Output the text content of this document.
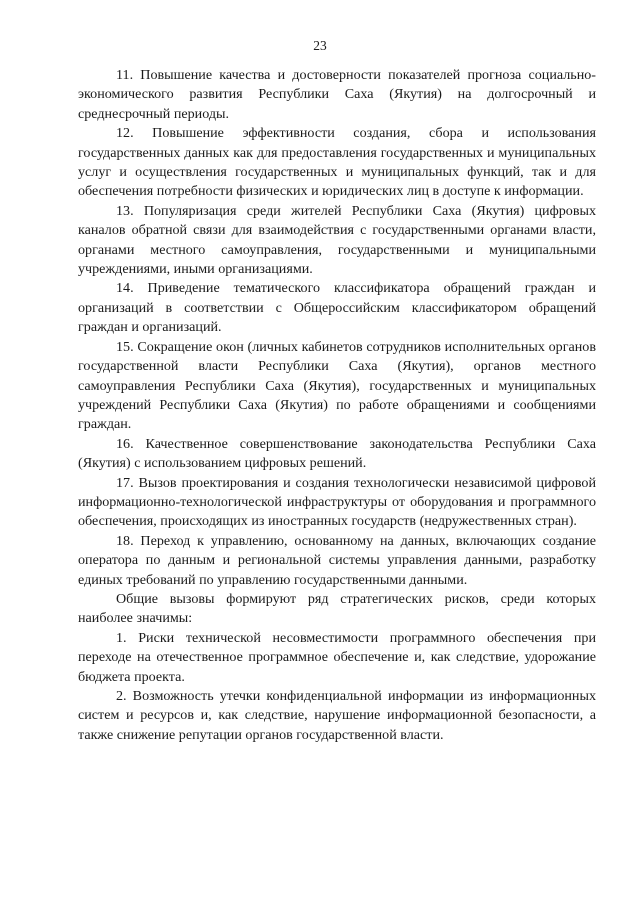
23

11. Повышение качества и достоверности показателей прогноза социально-экономического развития Республики Саха (Якутия) на долгосрочный и среднесрочный периоды.

12. Повышение эффективности создания, сбора и использования государственных данных как для предоставления государственных и муниципальных услуг и осуществления государственных и муниципальных функций, так и для обеспечения потребности физических и юридических лиц в доступе к информации.

13. Популяризация среди жителей Республики Саха (Якутия) цифровых каналов обратной связи для взаимодействия с государственными органами власти, органами местного самоуправления, государственными и муниципальными учреждениями, иными организациями.

14. Приведение тематического классификатора обращений граждан и организаций в соответствии с Общероссийским классификатором обращений граждан и организаций.

15. Сокращение окон (личных кабинетов сотрудников исполнительных органов государственной власти Республики Саха (Якутия), органов местного самоуправления Республики Саха (Якутия), государственных и муниципальных учреждений Республики Саха (Якутия) по работе обращениями и сообщениями граждан.

16. Качественное совершенствование законодательства Республики Саха (Якутия) с использованием цифровых решений.

17. Вызов проектирования и создания технологически независимой цифровой информационно-технологической инфраструктуры от оборудования и программного обеспечения, происходящих из иностранных государств (недружественных стран).

18. Переход к управлению, основанному на данных, включающих создание оператора по данным и региональной системы управления данными, разработку единых требований по управлению государственными данными.

Общие вызовы формируют ряд стратегических рисков, среди которых наиболее значимы:

1. Риски технической несовместимости программного обеспечения при переходе на отечественное программное обеспечение и, как следствие, удорожание бюджета проекта.

2. Возможность утечки конфиденциальной информации из информационных систем и ресурсов и, как следствие, нарушение информационной безопасности, а также снижение репутации органов государственной власти.
